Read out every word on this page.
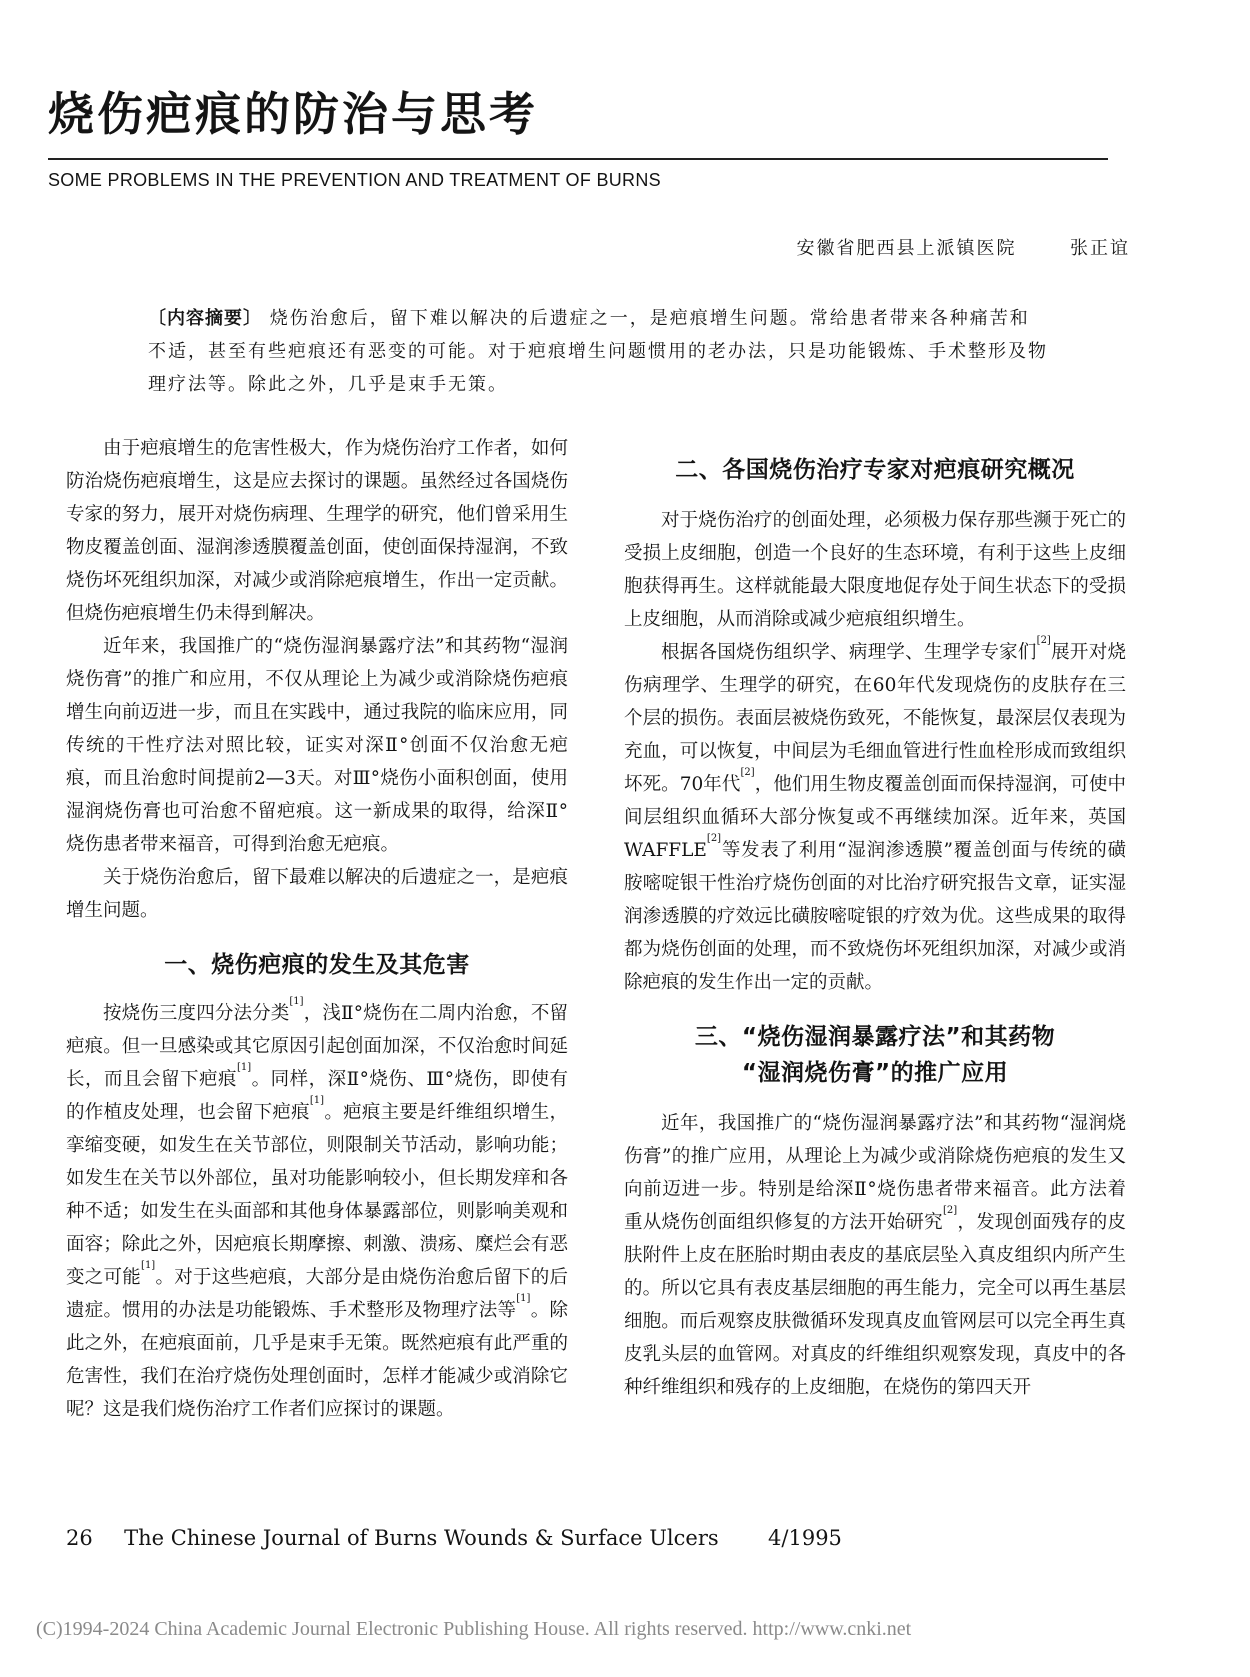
烧伤疤痕的防治与思考
SOME PROBLEMS IN THE PREVENTION AND TREATMENT OF BURNS
安徽省肥西县上派镇医院	张正谊

〔内容摘要〕 烧伤治愈后，留下难以解决的后遗症之一，是疤痕增生问题。常给患者带来各种痛苦和不适，甚至有些疤痕还有恶变的可能。对于疤痕增生问题惯用的老办法，只是功能锻炼、手术整形及物理疗法等。除此之外，几乎是束手无策。

由于疤痕增生的危害性极大，作为烧伤治疗工作者，如何防治烧伤疤痕增生，这是应去探讨的课题。虽然经过各国烧伤专家的努力，展开对烧伤病理、生理学的研究，他们曾采用生物皮覆盖创面、湿润渗透膜覆盖创面，使创面保持湿润，不致烧伤坏死组织加深，对减少或消除疤痕增生，作出一定贡献。但烧伤疤痕增生仍未得到解决。

近年来，我国推广的“烧伤湿润暴露疗法”和其药物“湿润烧伤膏”的推广和应用，不仅从理论上为减少或消除烧伤疤痕增生向前迈进一步，而且在实践中，通过我院的临床应用，同传统的干性疗法对照比较，证实对深Ⅱ°创面不仅治愈无疤痕，而且治愈时间提前2—3天。对Ⅲ°烧伤小面积创面，使用湿润烧伤膏也可治愈不留疤痕。这一新成果的取得，给深Ⅱ°烧伤患者带来福音，可得到治愈无疤痕。

关于烧伤治愈后，留下最难以解决的后遗症之一，是疤痕增生问题。

一、烧伤疤痕的发生及其危害

按烧伤三度四分法分类[1]，浅Ⅱ°烧伤在二周内治愈，不留疤痕。但一旦感染或其它原因引起创面加深，不仅治愈时间延长，而且会留下疤痕[1]。同样，深Ⅱ°烧伤、Ⅲ°烧伤，即使有的作植皮处理，也会留下疤痕[1]。疤痕主要是纤维组织增生，挛缩变硬，如发生在关节部位，则限制关节活动，影响功能；如发生在关节以外部位，虽对功能影响较小，但长期发痒和各种不适；如发生在头面部和其他身体暴露部位，则影响美观和面容；除此之外，因疤痕长期摩擦、刺激、溃疡、糜烂会有恶变之可能[1]。对于这些疤痕，大部分是由烧伤治愈后留下的后遗症。惯用的办法是功能锻炼、手术整形及物理疗法等[1]。除此之外，在疤痕面前，几乎是束手无策。既然疤痕有此严重的危害性，我们在治疗烧伤处理创面时，怎样才能减少或消除它呢？这是我们烧伤治疗工作者们应探讨的课题。

二、各国烧伤治疗专家对疤痕研究概况

对于烧伤治疗的创面处理，必须极力保存那些濒于死亡的受损上皮细胞，创造一个良好的生态环境，有利于这些上皮细胞获得再生。这样就能最大限度地促存处于间生状态下的受损上皮细胞，从而消除或减少疤痕组织增生。

根据各国烧伤组织学、病理学、生理学专家们[2]展开对烧伤病理学、生理学的研究，在60年代发现烧伤的皮肤存在三个层的损伤。表面层被烧伤致死，不能恢复，最深层仅表现为充血，可以恢复，中间层为毛细血管进行性血栓形成而致组织坏死。70年代[2]，他们用生物皮覆盖创面而保持湿润，可使中间层组织血循环大部分恢复或不再继续加深。近年来，英国WAFFLE[2]等发表了利用“湿润渗透膜”覆盖创面与传统的磺胺嘧啶银干性治疗烧伤创面的对比治疗研究报告文章，证实湿润渗透膜的疗效远比磺胺嘧啶银的疗效为优。这些成果的取得都为烧伤创面的处理，而不致烧伤坏死组织加深，对减少或消除疤痕的发生作出一定的贡献。

三、“烧伤湿润暴露疗法”和其药物
“湿润烧伤膏”的推广应用

近年，我国推广的“烧伤湿润暴露疗法”和其药物“湿润烧伤膏”的推广应用，从理论上为减少或消除烧伤疤痕的发生又向前迈进一步。特别是给深Ⅱ°烧伤患者带来福音。此方法着重从烧伤创面组织修复的方法开始研究[2]，发现创面残存的皮肤附件上皮在胚胎时期由表皮的基底层坠入真皮组织内所产生的。所以它具有表皮基层细胞的再生能力，完全可以再生基层细胞。而后观察皮肤微循环发现真皮血管网层可以完全再生真皮乳头层的血管网。对真皮的纤维组织观察发现，真皮中的各种纤维组织和残存的上皮细胞，在烧伤的第四天开

26 The Chinese Journal of Burns Wounds & Surface Ulcers 4/1995
(C)1994-2024 China Academic Journal Electronic Publishing House. All rights reserved. http://www.cnki.net
